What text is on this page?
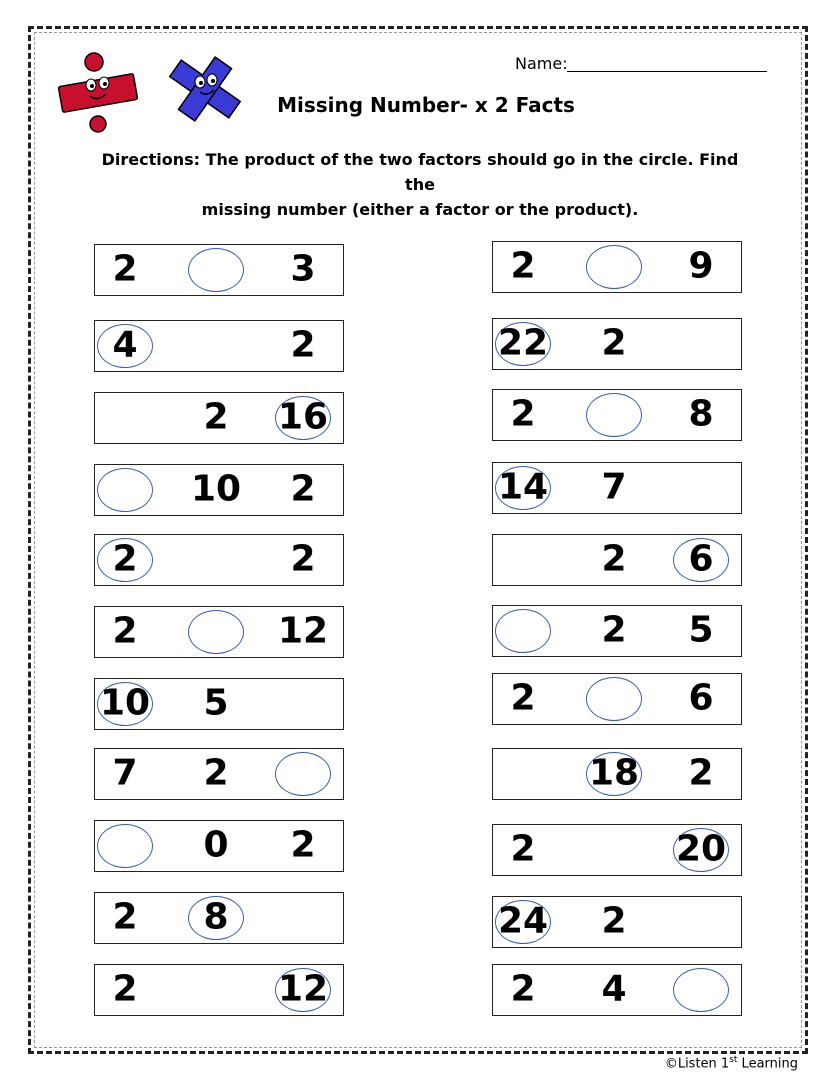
Name:
Missing Number- x 2 Facts
Directions: The product of the two factors should go in the circle. Find the
missing number (either a factor or the product).
2	3
4	2
2 16
10 2
2	2
2	12
10 5
7 2
0 2
2 8
2	12
2	9
22 2
2	8
14 7
2 6
2 5
2	6
18 2
2	20
24 2
2 4
©Listen 1st Learning
